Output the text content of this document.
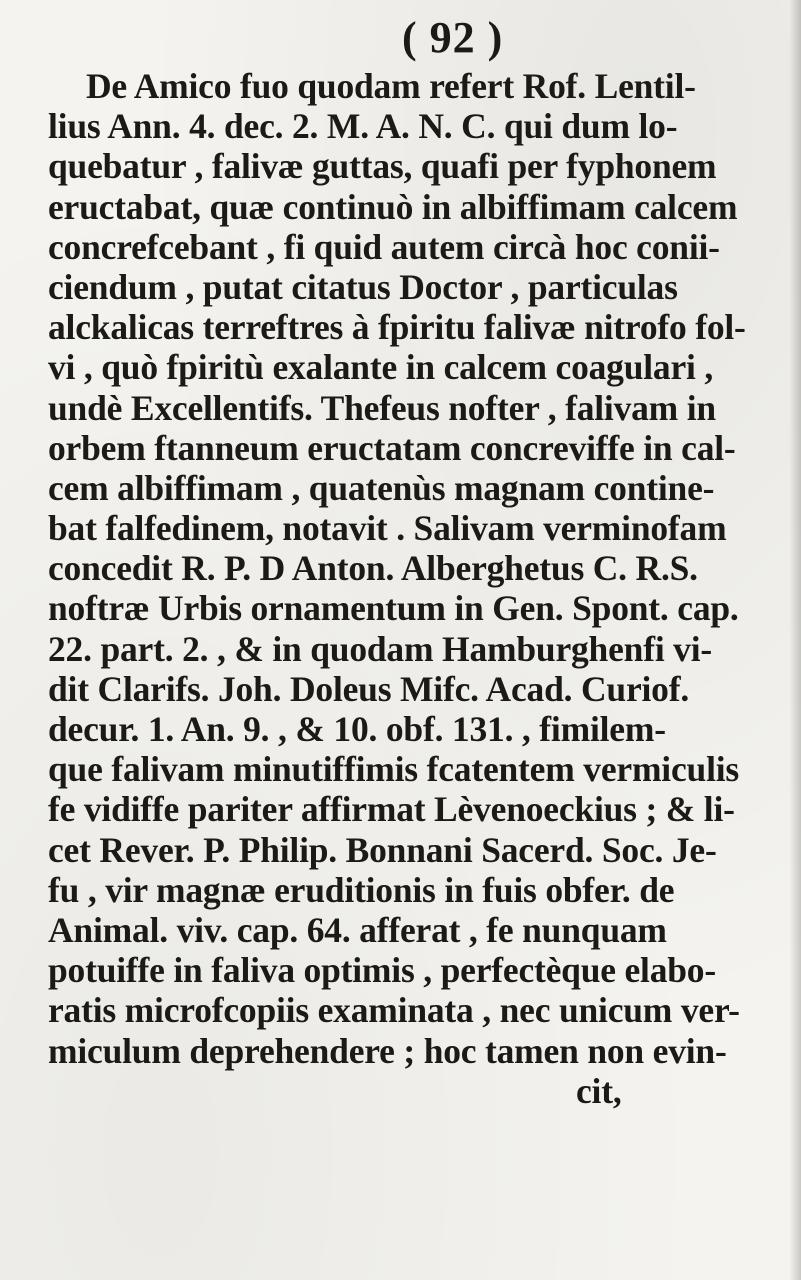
( 92 )
De Amico fuo quodam refert Rof. Lentil-
lius Ann. 4. dec. 2. M. A. N. C. qui dum lo-
quebatur , falivæ guttas, quafi per fyphonem
eructabat, quæ continuò in albiffimam calcem
concrefcebant , fi quid autem circà hoc conii-
ciendum , putat citatus Doctor , particulas
alckalicas terreftres à fpiritu falivæ nitrofo fol-
vi , quò fpiritù exalante in calcem coagulari ,
undè Excellentifs. Thefeus nofter , falivam in
orbem ftanneum eructatam concreviffe in cal-
cem albiffimam , quatenùs magnam contine-
bat falfedinem, notavit . Salivam verminofam
concedit R. P. D Anton. Alberghetus C. R.S.
noftræ Urbis ornamentum in Gen. Spont. cap.
22. part. 2. , & in quodam Hamburghenfi vi-
dit Clarifs. Joh. Doleus Mifc. Acad. Curiof.
decur. 1. An. 9. , & 10. obf. 131. , fimilem-
que falivam minutiffimis fcatentem vermiculis
fe vidiffe pariter affirmat Lèvenoeckius ; & li-
cet Rever. P. Philip. Bonnani Sacerd. Soc. Je-
fu , vir magnæ eruditionis in fuis obfer. de
Animal. viv. cap. 64. afferat , fe nunquam
potuiffe in faliva optimis , perfectèque elabo-
ratis microfcopiis examinata , nec unicum ver-
miculum deprehendere ; hoc tamen non evin-
cit,
